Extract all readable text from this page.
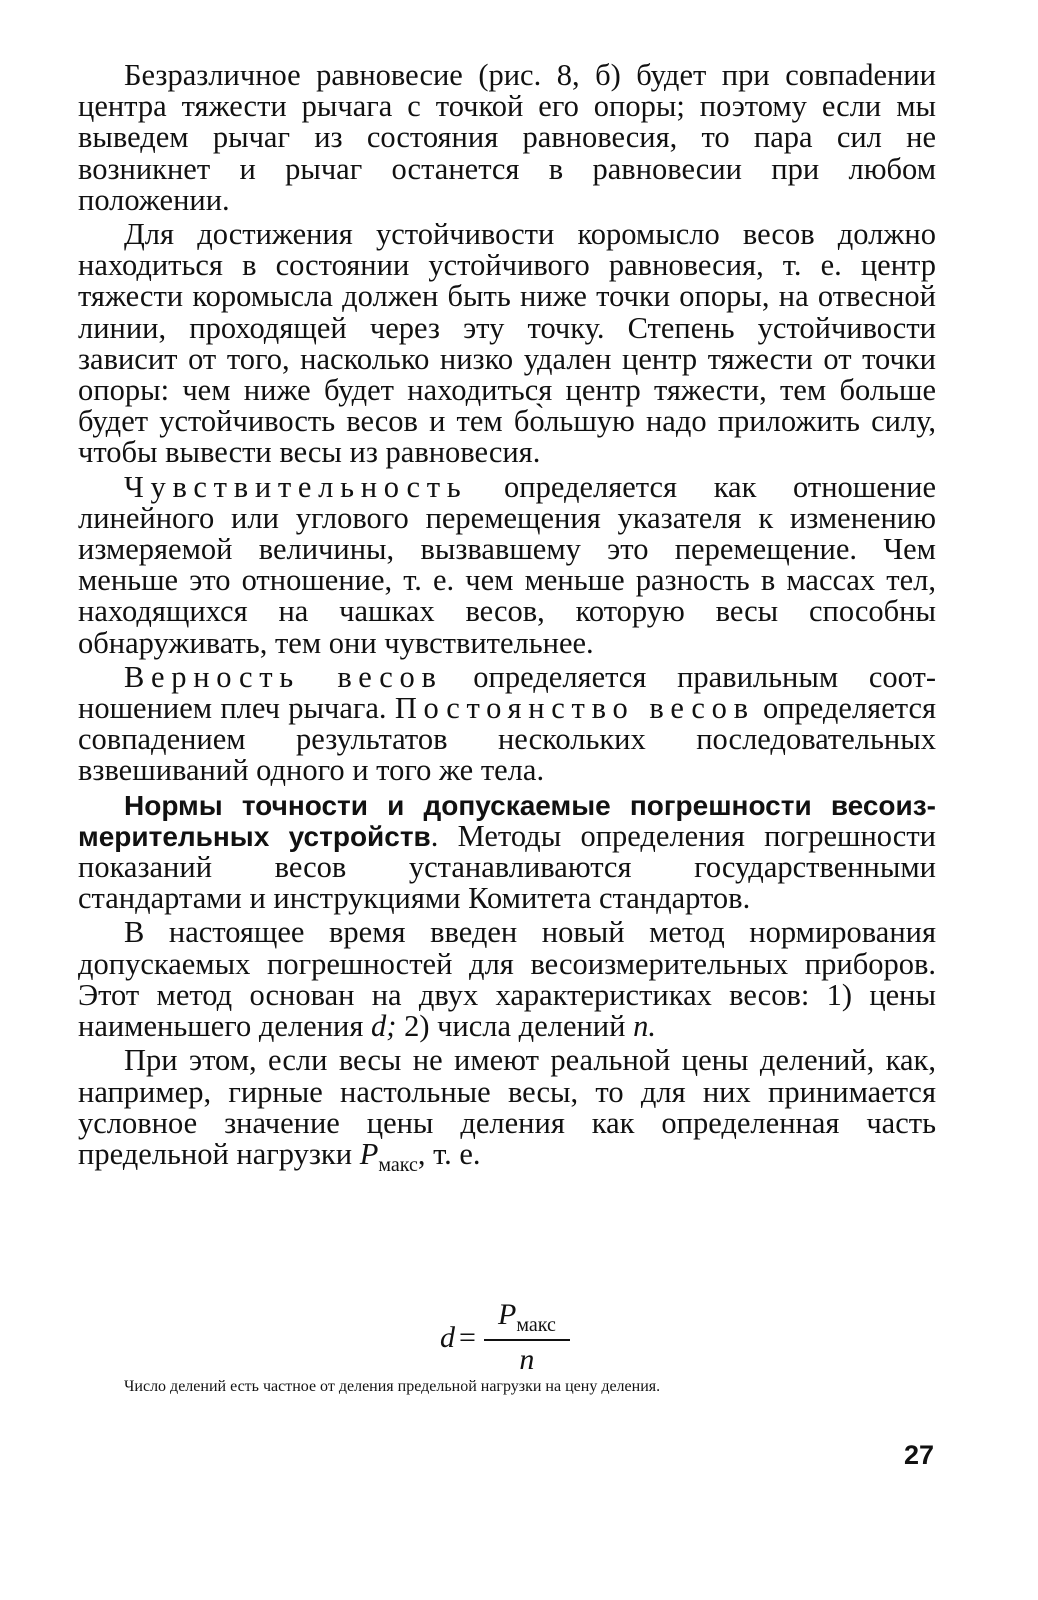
Безразличное равновесие (рис. 8, б) будет при совпаdении центра тяжести рычага с точкой его опоры; поэтому если мы выведем рычаг из состояния равновесия, то пара сил не возникнет и рычаг останется в равновесии при любом положении.

Для достижения устойчивости коромысло весов должно находиться в состоянии устойчивого равновесия, т. е. центр тяжести коромысла должен быть ниже точки опоры, на отвесной линии, проходящей через эту точку. Степень устойчивости зависит от того, насколько низко удален центр тяжести от точки опоры: чем ниже будет находиться центр тяжести, тем больше будет устойчивость весов и тем бо̀льшую надо приложить силу, чтобы вывести весы из равновесия.

Чувствительность определяется как отношение линейного или углового перемещения указателя к изменению измеряемой величины, вызвавшему это перемещение. Чем меньше это отношение, т. е. чем меньше разность в массах тел, находящихся на чашках весов, которую весы способны обнаруживать, тем они чувствительнее.

Верность весов определяется правильным соотношением плеч рычага. Постоянство весов определяется совпадением результатов нескольких последовательных взвешиваний одного и того же тела.

Нормы точности и допускаемые погрешности весоизмерительных устройств. Методы определения погрешности показаний весов устанавливаются государственными стандартами и инструкциями Комитета стандартов.

В настоящее время введен новый метод нормирования допускаемых погрешностей для весоизмерительных приборов. Этот метод основан на двух характеристиках весов: 1) цены наименьшего деления d; 2) числа делений n.

При этом, если весы не имеют реальной цены делений, как, например, гирные настольные весы, то для них принимается условное значение цены деления как определенная часть предельной нагрузки $P_{макс}$, т. е.

$d = \frac{P_{макс}}{n}$

Число делений есть частное от деления предельной нагрузки на цену деления.

27
